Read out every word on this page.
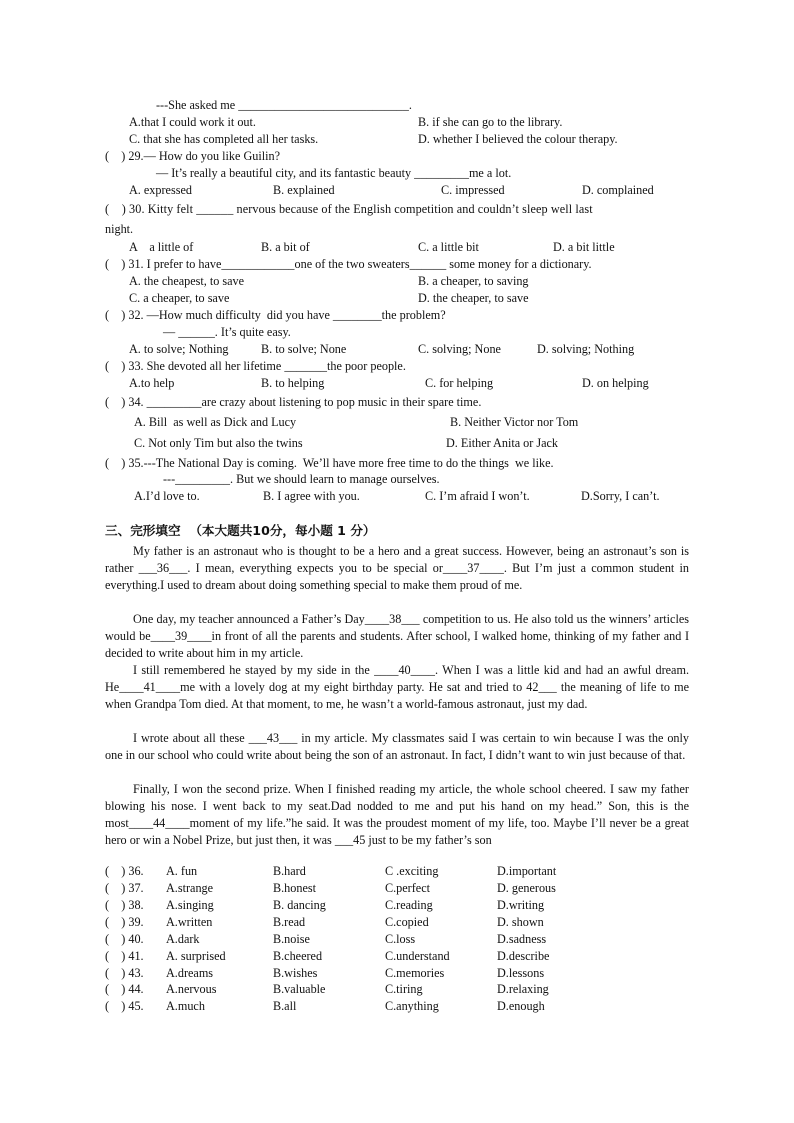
---She asked me ____________________________.
A.that I could work it out.	B. if she can go to the library.
C. that she has completed all her tasks.	D. whether I believed the colour therapy.
(    ) 29.— How do you like Guilin?
— It’s really a beautiful city, and its fantastic beauty _________me a lot.
A. expressed	B. explained	C. impressed	D. complained
(    ) 30. Kitty felt ______ nervous because of the English competition and couldn’t sleep well last
night.
A    a little of	B. a bit of	C. a little bit	D. a bit little
(    ) 31. I prefer to have____________one of the two sweaters______ some money for a dictionary.
A. the cheapest, to save	B. a cheaper, to saving
C. a cheaper, to save	D. the cheaper, to save
(    ) 32. —How much difficulty  did you have ________the problem?
— ______. It’s quite easy.
A. to solve; Nothing	B. to solve; None	C. solving; None	D. solving; Nothing
(    ) 33. She devoted all her lifetime _______the poor people.
A.to help	B. to helping	C. for helping	D. on helping
(    ) 34. _________are crazy about listening to pop music in their spare time.
A. Bill  as well as Dick and Lucy	B. Neither Victor nor Tom
C. Not only Tim but also the twins	D. Either Anita or Jack
(    ) 35.---The National Day is coming.  We’ll have more free time to do the things  we like.
---_________. But we should learn to manage ourselves.
A.I’d love to.	B. I agree with you.	C. I’m afraid I won’t.	D.Sorry, I can’t.
三、完形填空  （本大题共10分，每小题 1 分）

My father is an astronaut who is thought to be a hero and a great success. However, being an astronaut’s son is rather ___36___. I mean, everything expects you to be special or____37____. But I’m just a common student in everything.I used to dream about doing something special to make them proud of me.

One day, my teacher announced a Father’s Day____38___ competition to us. He also told us the winners’ articles would be____39____in front of all the parents and students. After school, I walked home, thinking of my father and I decided to write about him in my article.

I still remembered he stayed by my side in the ____40____. When I was a little kid and had an awful dream. He____41____me with a lovely dog at my eight birthday party. He sat and tried to 42___ the meaning of life to me when Grandpa Tom died. At that moment, to me, he wasn’t a world-famous astronaut, just my dad.

I wrote about all these ___43___ in my article. My classmates said I was certain to win because I was the only one in our school who could write about being the son of an astronaut. In fact, I didn’t want to win just because of that.

Finally, I won the second prize. When I finished reading my article, the whole school cheered. I saw my father blowing his nose. I went back to my seat.Dad nodded to me and put his hand on my head.” Son, this is the most____44____moment of my life.”he said. It was the proudest moment of my life, too. Maybe I’ll never be a great hero or win a Nobel Prize, but just then, it was ___45 just to be my father’s son

(    ) 36. A. fun	B.hard	C .exciting	D.important
(    ) 37. A.strange	B.honest	C.perfect	D. generous
(    ) 38. A.singing	B. dancing	C.reading	D.writing
(    ) 39. A.written	B.read	C.copied	D. shown
(    ) 40. A.dark	B.noise	C.loss	D.sadness
(    ) 41. A. surprised	B.cheered	C.understand	D.describe
(    ) 43. A.dreams	B.wishes	C.memories	D.lessons
(    ) 44. A.nervous	B.valuable	C.tiring	D.relaxing
(    ) 45. A.much	B.all	C.anything	D.enough
